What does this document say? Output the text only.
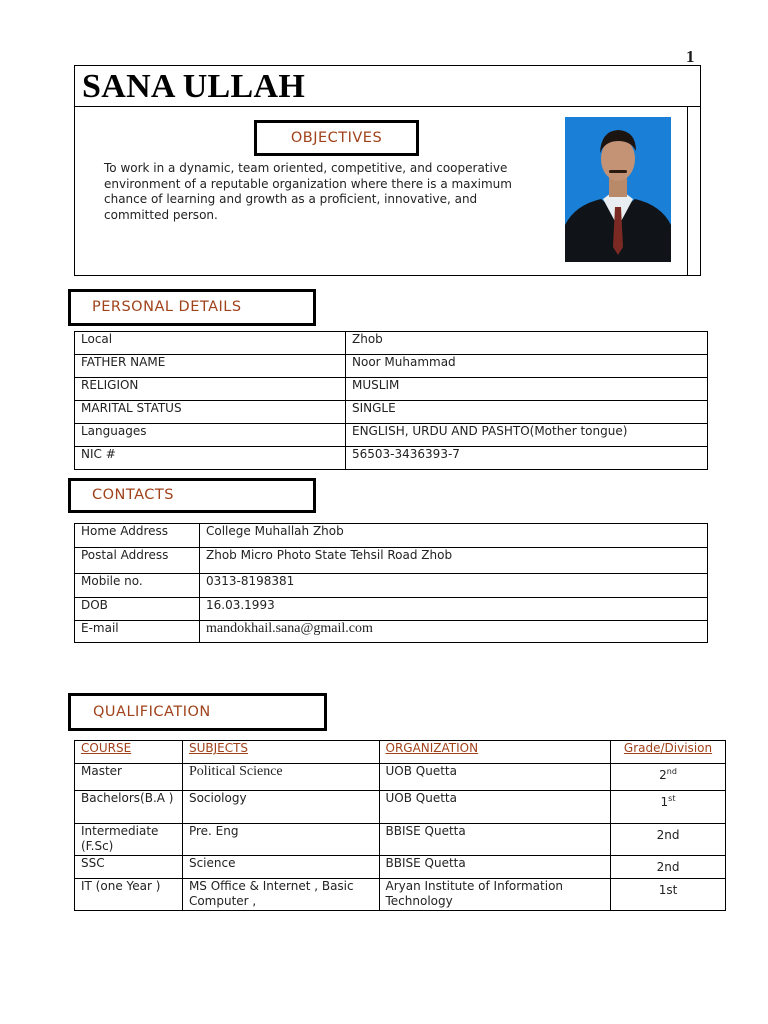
1
SANA ULLAH
OBJECTIVES
To work in a dynamic, team oriented, competitive, and cooperative environment of a reputable organization where there is a maximum chance of learning and growth as a proficient, innovative, and committed person.
PERSONAL DETAILS
Local	Zhob
FATHER NAME	Noor Muhammad
RELIGION	MUSLIM
MARITAL STATUS	SINGLE
Languages	ENGLISH, URDU AND PASHTO(Mother tongue)
NIC #	56503-3436393-7
CONTACTS
Home Address	College Muhallah Zhob
Postal Address	Zhob Micro Photo State Tehsil Road Zhob
Mobile no.	0313-8198381
DOB	16.03.1993
E-mail	mandokhail.sana@gmail.com
QUALIFICATION
COURSE	SUBJECTS	ORGANIZATION	Grade/Division
Master	Political Science	UOB Quetta	2nd
Bachelors(B.A )	Sociology	UOB Quetta	1st
Intermediate (F.Sc)	Pre. Eng	BBISE Quetta	2nd
SSC	Science	BBISE Quetta	2nd
IT (one Year )	MS Office & Internet , Basic Computer ,	Aryan Institute of Information Technology	1st
